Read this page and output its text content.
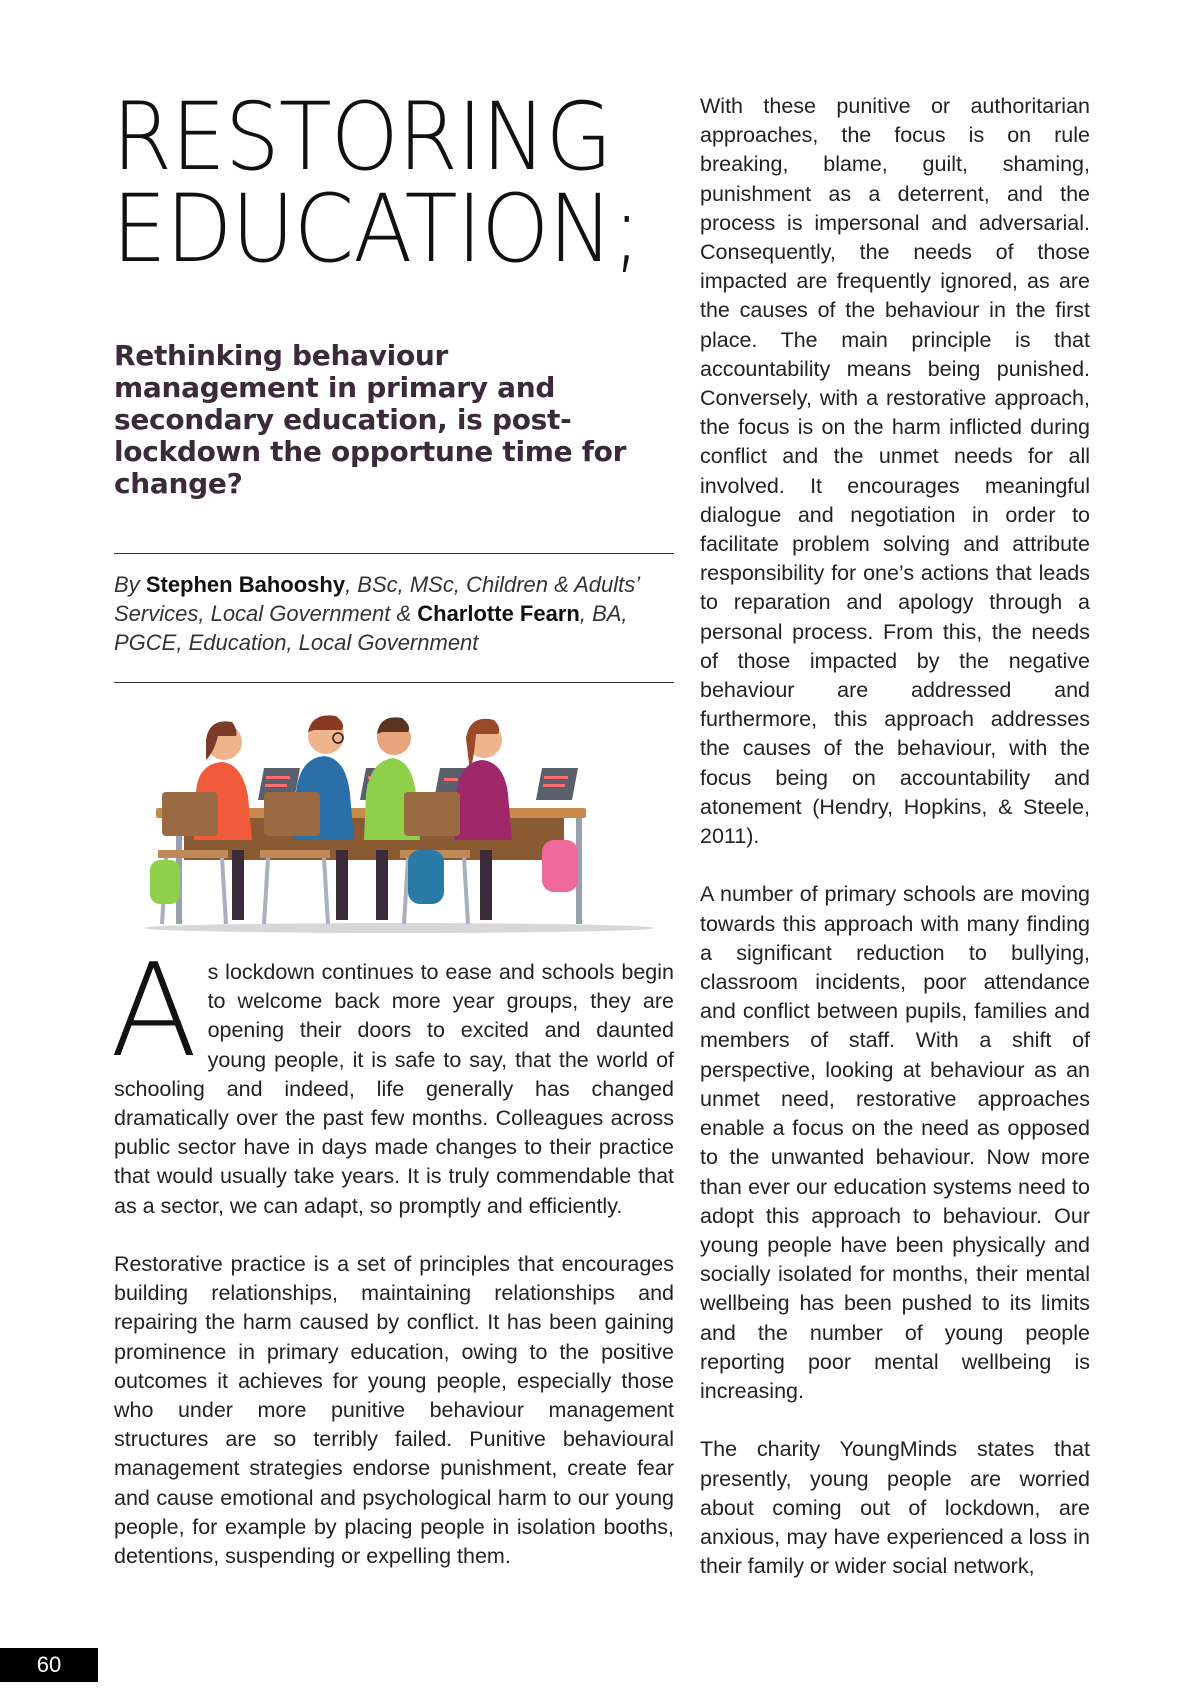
RESTORING
EDUCATION;
Rethinking behaviour management in primary and secondary education, is post-lockdown the opportune time for change?
By Stephen Bahooshy, BSc, MSc, Children & Adults’ Services, Local Government & Charlotte Fearn, BA, PGCE, Education, Local Government

As lockdown continues to ease and schools begin to welcome back more year groups, they are opening their doors to excited and daunted young people, it is safe to say, that the world of schooling and indeed, life generally has changed dramatically over the past few months. Colleagues across public sector have in days made changes to their practice that would usually take years. It is truly commendable that as a sector, we can adapt, so promptly and efficiently.

Restorative practice is a set of principles that encourages building relationships, maintaining relationships and repairing the harm caused by conflict. It has been gaining prominence in primary education, owing to the positive outcomes it achieves for young people, especially those who under more punitive behaviour management structures are so terribly failed. Punitive behavioural management strategies endorse punishment, create fear and cause emotional and psychological harm to our young people, for example by placing people in isolation booths, detentions, suspending or expelling them.

With these punitive or authoritarian approaches, the focus is on rule breaking, blame, guilt, shaming, punishment as a deterrent, and the process is impersonal and adversarial. Consequently, the needs of those impacted are frequently ignored, as are the causes of the behaviour in the first place. The main principle is that accountability means being punished. Conversely, with a restorative approach, the focus is on the harm inflicted during conflict and the unmet needs for all involved. It encourages meaningful dialogue and negotiation in order to facilitate problem solving and attribute responsibility for one’s actions that leads to reparation and apology through a personal process. From this, the needs of those impacted by the negative behaviour are addressed and furthermore, this approach addresses the causes of the behaviour, with the focus being on accountability and atonement (Hendry, Hopkins, & Steele, 2011).

A number of primary schools are moving towards this approach with many finding a significant reduction to bullying, classroom incidents, poor attendance and conflict between pupils, families and members of staff. With a shift of perspective, looking at behaviour as an unmet need, restorative approaches enable a focus on the need as opposed to the unwanted behaviour. Now more than ever our education systems need to adopt this approach to behaviour. Our young people have been physically and socially isolated for months, their mental wellbeing has been pushed to its limits and the number of young people reporting poor mental wellbeing is increasing.

The charity YoungMinds states that presently, young people are worried about coming out of lockdown, are anxious, may have experienced a loss in their family or wider social network,

60
